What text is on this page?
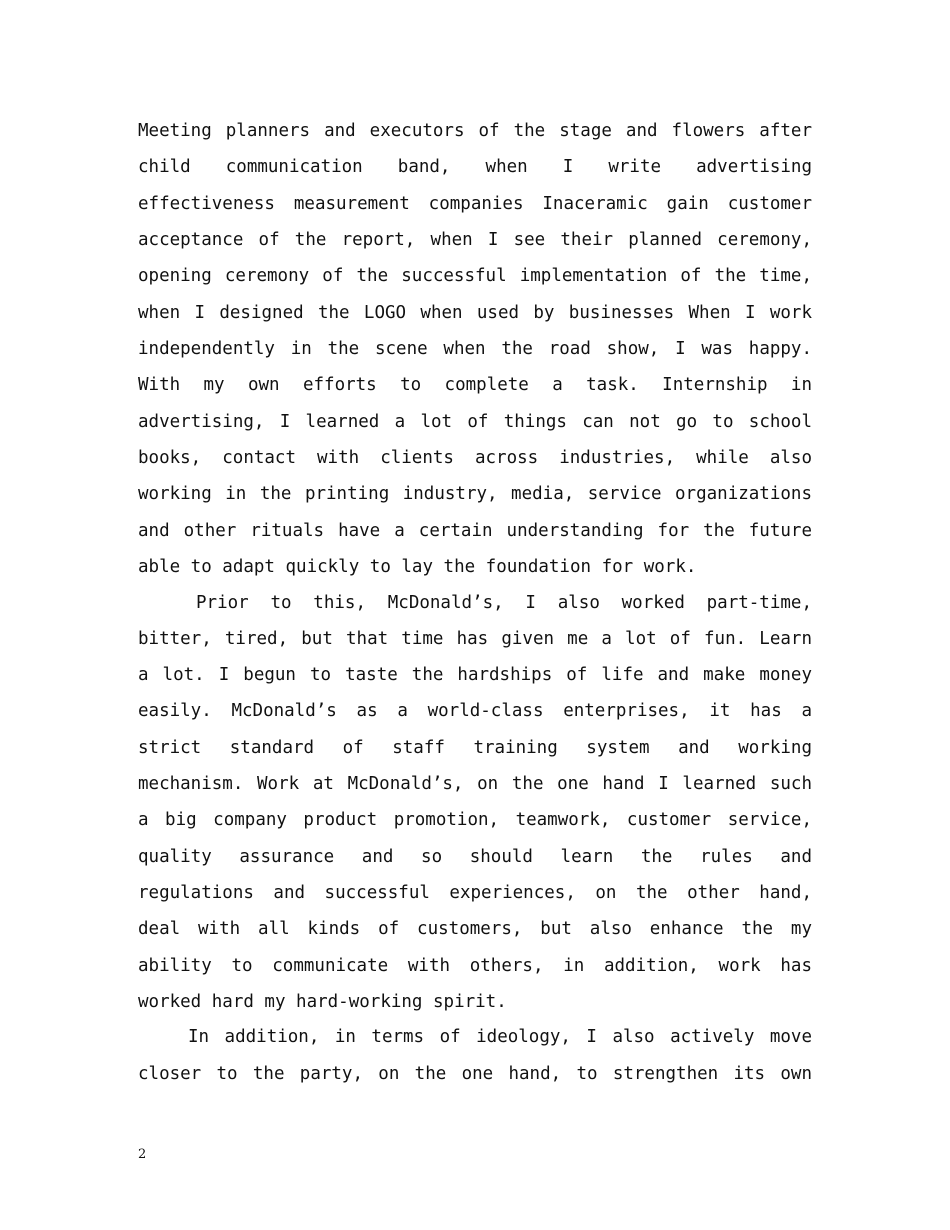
Meeting planners and executors of the stage and flowers after
child communication band, when I write advertising
effectiveness measurement companies Inaceramic gain customer
acceptance of the report, when I see their planned ceremony,
opening ceremony of the successful implementation of the time,
when I designed the LOGO when used by businesses When I work
independently in the scene when the road show, I was happy.
With my own efforts to complete a task. Internship in
advertising, I learned a lot of things can not go to school
books, contact with clients across industries, while also
working in the printing industry, media, service organizations
and other rituals have a certain understanding for the future
able to adapt quickly to lay the foundation for work.
Prior to this, McDonald’s, I also worked part-time,
bitter, tired, but that time has given me a lot of fun. Learn
a lot. I begun to taste the hardships of life and make money
easily. McDonald’s as a world-class enterprises, it has a
strict standard of staff training system and working
mechanism. Work at McDonald’s, on the one hand I learned such
a big company product promotion, teamwork, customer service,
quality assurance and so should learn the rules and
regulations and successful experiences, on the other hand,
deal with all kinds of customers, but also enhance the my
ability to communicate with others, in addition, work has
worked hard my hard-working spirit.
In addition, in terms of ideology, I also actively move
closer to the party, on the one hand, to strengthen its own
2
